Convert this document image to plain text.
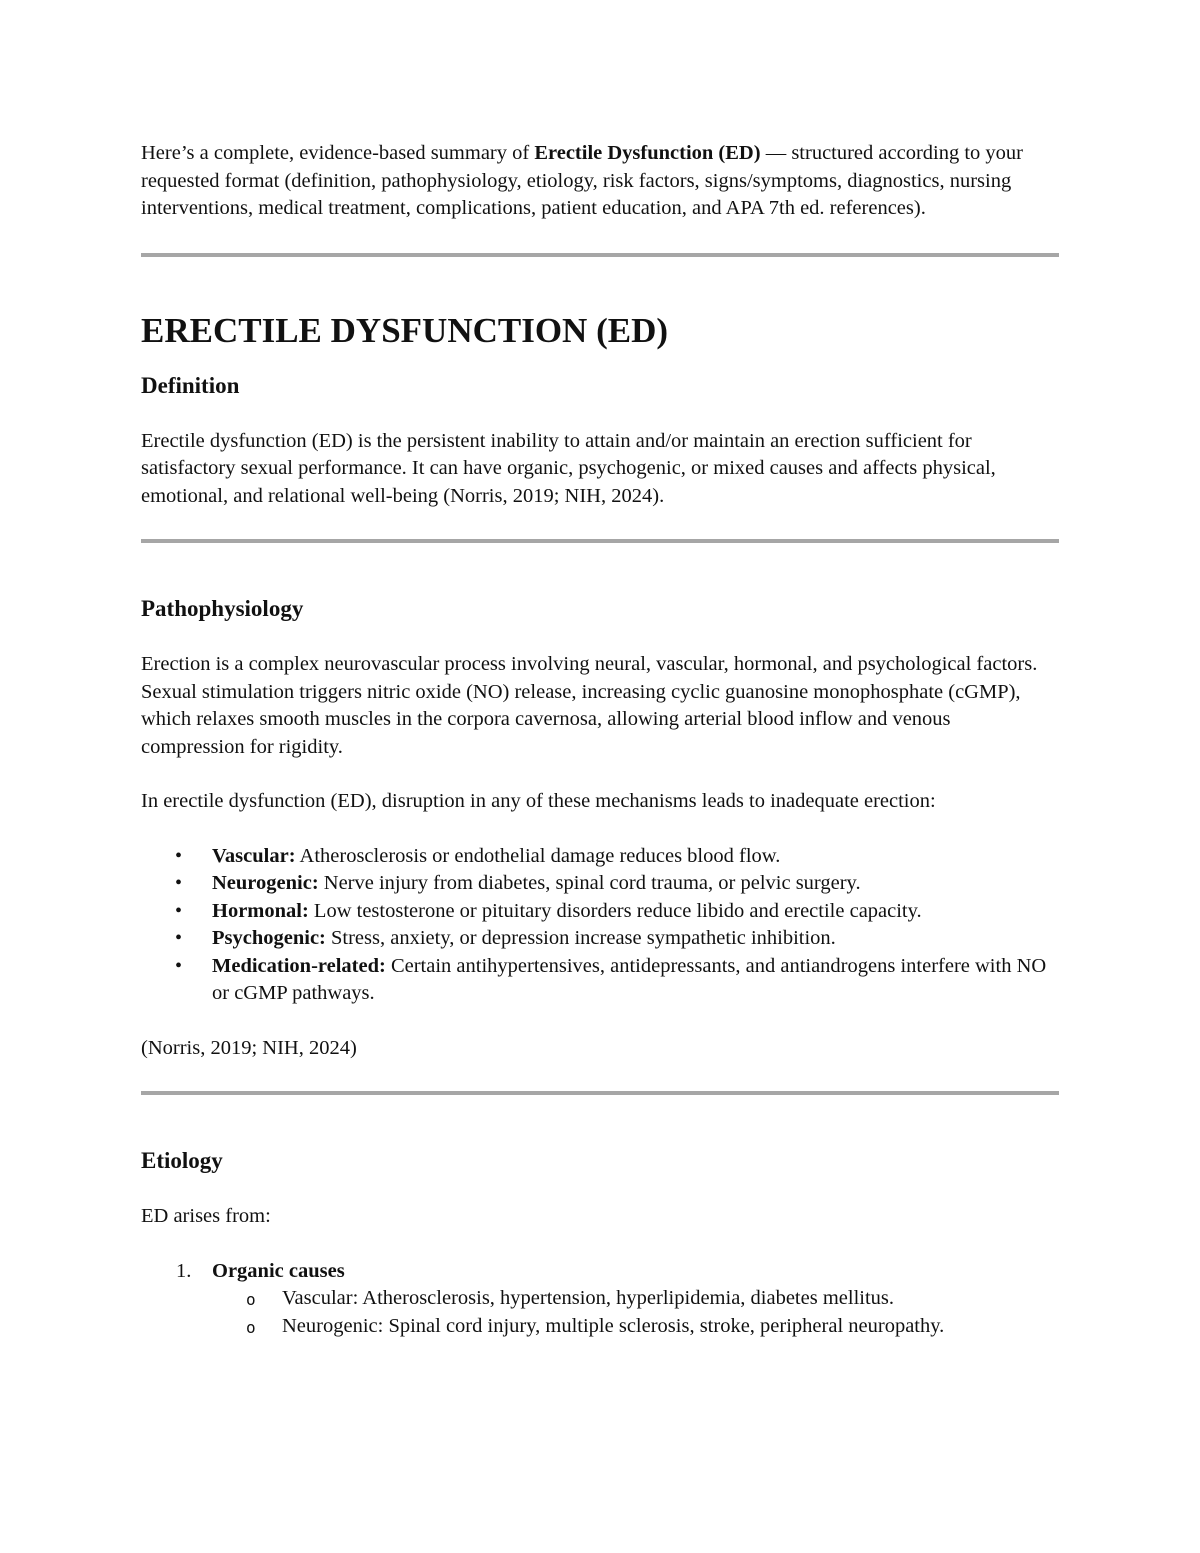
Here’s a complete, evidence-based summary of Erectile Dysfunction (ED) — structured according to your requested format (definition, pathophysiology, etiology, risk factors, signs/symptoms, diagnostics, nursing interventions, medical treatment, complications, patient education, and APA 7th ed. references).

ERECTILE DYSFUNCTION (ED)
Definition

Erectile dysfunction (ED) is the persistent inability to attain and/or maintain an erection sufficient for satisfactory sexual performance. It can have organic, psychogenic, or mixed causes and affects physical, emotional, and relational well-being (Norris, 2019; NIH, 2024).

Pathophysiology

Erection is a complex neurovascular process involving neural, vascular, hormonal, and psychological factors. Sexual stimulation triggers nitric oxide (NO) release, increasing cyclic guanosine monophosphate (cGMP), which relaxes smooth muscles in the corpora cavernosa, allowing arterial blood inflow and venous compression for rigidity.

In erectile dysfunction (ED), disruption in any of these mechanisms leads to inadequate erection:

• Vascular: Atherosclerosis or endothelial damage reduces blood flow.
• Neurogenic: Nerve injury from diabetes, spinal cord trauma, or pelvic surgery.
• Hormonal: Low testosterone or pituitary disorders reduce libido and erectile capacity.
• Psychogenic: Stress, anxiety, or depression increase sympathetic inhibition.
• Medication-related: Certain antihypertensives, antidepressants, and antiandrogens interfere with NO or cGMP pathways.

(Norris, 2019; NIH, 2024)

Etiology

ED arises from:

1. Organic causes
o Vascular: Atherosclerosis, hypertension, hyperlipidemia, diabetes mellitus.
o Neurogenic: Spinal cord injury, multiple sclerosis, stroke, peripheral neuropathy.
